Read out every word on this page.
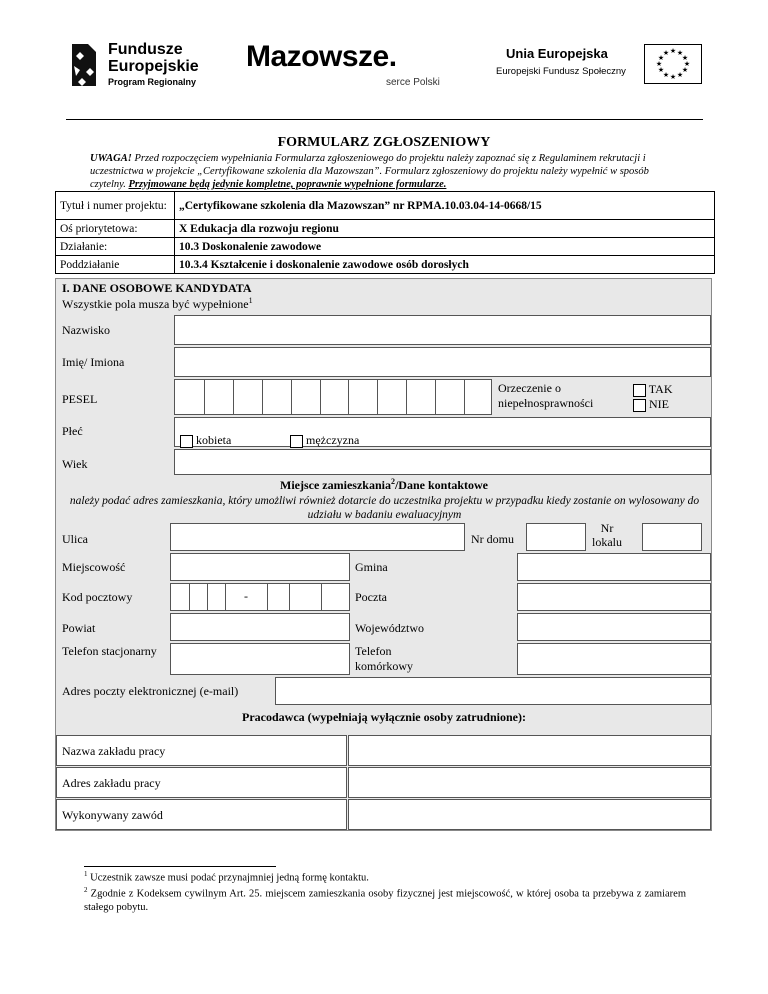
Fundusze
Europejskie
Program Regionalny
Mazowsze.
serce Polski
Unia Europejska
Europejski Fundusz Społeczny
★ ★
★
★
★
★
★
★
★
★
★
★
FORMULARZ ZGŁOSZENIOWY
UWAGA! Przed rozpoczęciem wypełniania Formularza zgłoszeniowego do projektu należy zapoznać się z Regulaminem rekrutacji i uczestnictwa w projekcie „Certyfikowane szkolenia dla Mazowszan”. Formularz zgłoszeniowy do projektu należy wypełnić w sposób czytelny. Przyjmowane będą jedynie kompletne, poprawnie wypełnione formularze.
Tytuł i numer projektu:	„Certyfikowane szkolenia dla Mazowszan” nr RPMA.10.03.04-14-0668/15
Oś priorytetowa:	X Edukacja dla rozwoju regionu
Działanie:	10.3 Doskonalenie zawodowe
Poddziałanie	10.3.4 Kształcenie i doskonalenie zawodowe osób dorosłych
I. DANE OSOBOWE KANDYDATA
Wszystkie pola musza być wypełnione$^1$
Nazwisko
Imię/ Imiona
PESEL
Orzeczenie o niepełnosprawności
TAK
NIE
Płeć
kobieta	mężczyzna
Wiek
Miejsce zamieszkania$^2$/Dane kontaktowe
należy podać adres zamieszkania, który umożliwi również dotarcie do uczestnika projektu w przypadku kiedy zostanie on wylosowany do udziału w badaniu ewaluacyjnym
Ulica	Nr domu
Nr lokalu
Miejscowość	Gmina
Kod pocztowy	-	Poczta
Powiat	Województwo
Telefon stacjonarny	Telefon komórkowy
Adres poczty elektronicznej (e-mail)
Pracodawca (wypełniają wyłącznie osoby zatrudnione):
Nazwa zakładu pracy
Adres zakładu pracy
Wykonywany zawód
$^1$ Uczestnik zawsze musi podać przynajmniej jedną formę kontaktu.
$^2$ Zgodnie z Kodeksem cywilnym Art. 25. miejscem zamieszkania osoby fizycznej jest miejscowość, w której osoba ta przebywa z zamiarem stałego pobytu.
